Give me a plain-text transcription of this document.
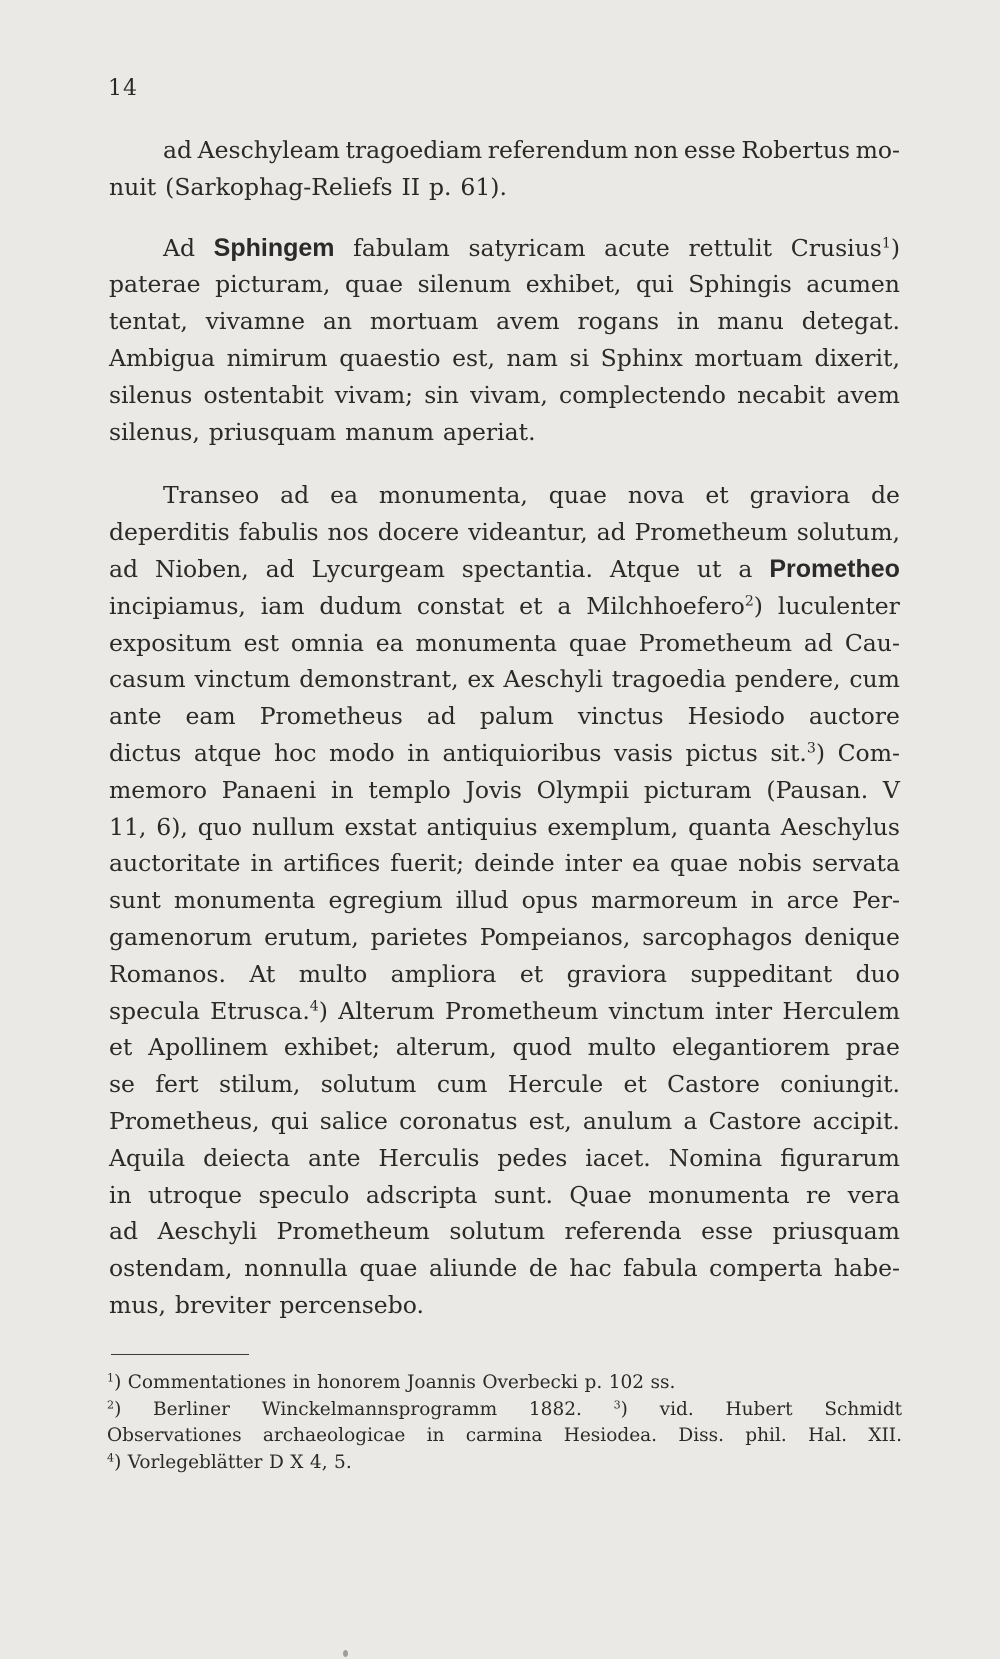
14
ad Aeschyleam tragoediam referendum non esse Robertus mo-
nuit (Sarkophag-Reliefs II p. 61).
Ad Sphingem fabulam satyricam acute rettulit Crusius$^1$)
paterae picturam, quae silenum exhibet, qui Sphingis acumen
tentat, vivamne an mortuam avem rogans in manu detegat.
Ambigua nimirum quaestio est, nam si Sphinx mortuam dixerit,
silenus ostentabit vivam; sin vivam, complectendo necabit avem
silenus, priusquam manum aperiat.
Transeo ad ea monumenta, quae nova et graviora de
deperditis fabulis nos docere videantur, ad Prometheum solutum,
ad Nioben, ad Lycurgeam spectantia. Atque ut a Prometheo
incipiamus, iam dudum constat et a Milchhoefero$^2$) luculenter
expositum est omnia ea monumenta quae Prometheum ad Cau-
casum vinctum demonstrant, ex Aeschyli tragoedia pendere, cum
ante eam Prometheus ad palum vinctus Hesiodo auctore
dictus atque hoc modo in antiquioribus vasis pictus sit.$^3$) Com-
memoro Panaeni in templo Jovis Olympii picturam (Pausan. V
11, 6), quo nullum exstat antiquius exemplum, quanta Aeschylus
auctoritate in artifices fuerit; deinde inter ea quae nobis servata
sunt monumenta egregium illud opus marmoreum in arce Per-
gamenorum erutum, parietes Pompeianos, sarcophagos denique
Romanos. At multo ampliora et graviora suppeditant duo
specula Etrusca.$^4$) Alterum Prometheum vinctum inter Herculem
et Apollinem exhibet; alterum, quod multo elegantiorem prae
se fert stilum, solutum cum Hercule et Castore coniungit.
Prometheus, qui salice coronatus est, anulum a Castore accipit.
Aquila deiecta ante Herculis pedes iacet. Nomina figurarum
in utroque speculo adscripta sunt. Quae monumenta re vera
ad Aeschyli Prometheum solutum referenda esse priusquam
ostendam, nonnulla quae aliunde de hac fabula comperta habe-
mus, breviter percensebo.
$^1$) Commentationes in honorem Joannis Overbecki p. 102 ss.
$^2$) Berliner Winckelmannsprogramm 1882.	$^3$) vid. Hubert Schmidt
Observationes archaeologicae in carmina Hesiodea. Diss. phil. Hal. XII.
$^4$) Vorlegeblätter D X 4, 5.
